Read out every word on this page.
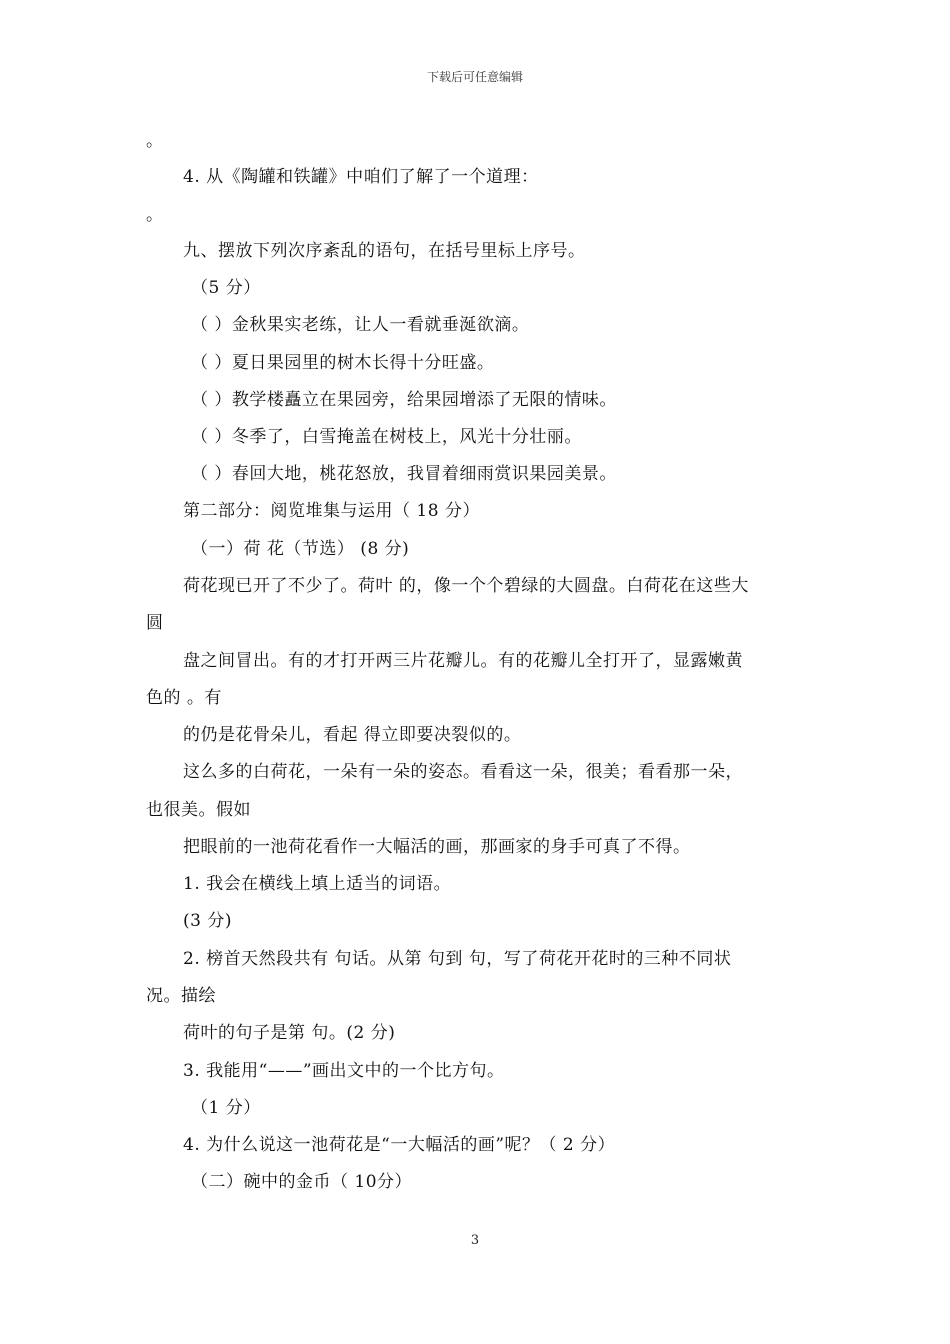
下载后可任意编辑
。
4. 从《陶罐和铁罐》中咱们了解了一个道理：
。
九、摆放下列次序紊乱的语句，在括号里标上序号。
（5 分）
（ ）金秋果实老练，让人一看就垂涎欲滴。
（ ）夏日果园里的树木长得十分旺盛。
（ ）教学楼矗立在果园旁，给果园增添了无限的情味。
（ ）冬季了，白雪掩盖在树枝上，风光十分壮丽。
（ ）春回大地，桃花怒放，我冒着细雨赏识果园美景。
第二部分：阅览堆集与运用（ 18 分）
（一）荷 花（节选） (8 分)
荷花现已开了不少了。荷叶 的，像一个个碧绿的大圆盘。白荷花在这些大
圆
盘之间冒出。有的才打开两三片花瓣儿。有的花瓣儿全打开了，显露嫩黄
色的 。有
的仍是花骨朵儿，看起 得立即要决裂似的。
这么多的白荷花，一朵有一朵的姿态。看看这一朵，很美；看看那一朵，
也很美。假如
把眼前的一池荷花看作一大幅活的画，那画家的身手可真了不得。
1. 我会在横线上填上适当的词语。
(3 分)
2. 榜首天然段共有 句话。从第 句到 句，写了荷花开花时的三种不同状
况。描绘
荷叶的句子是第 句。(2 分)
3. 我能用“——”画出文中的一个比方句。
（1 分）
4. 为什么说这一池荷花是“一大幅活的画”呢？（ 2 分）
（二）碗中的金币（ 10分）
3
